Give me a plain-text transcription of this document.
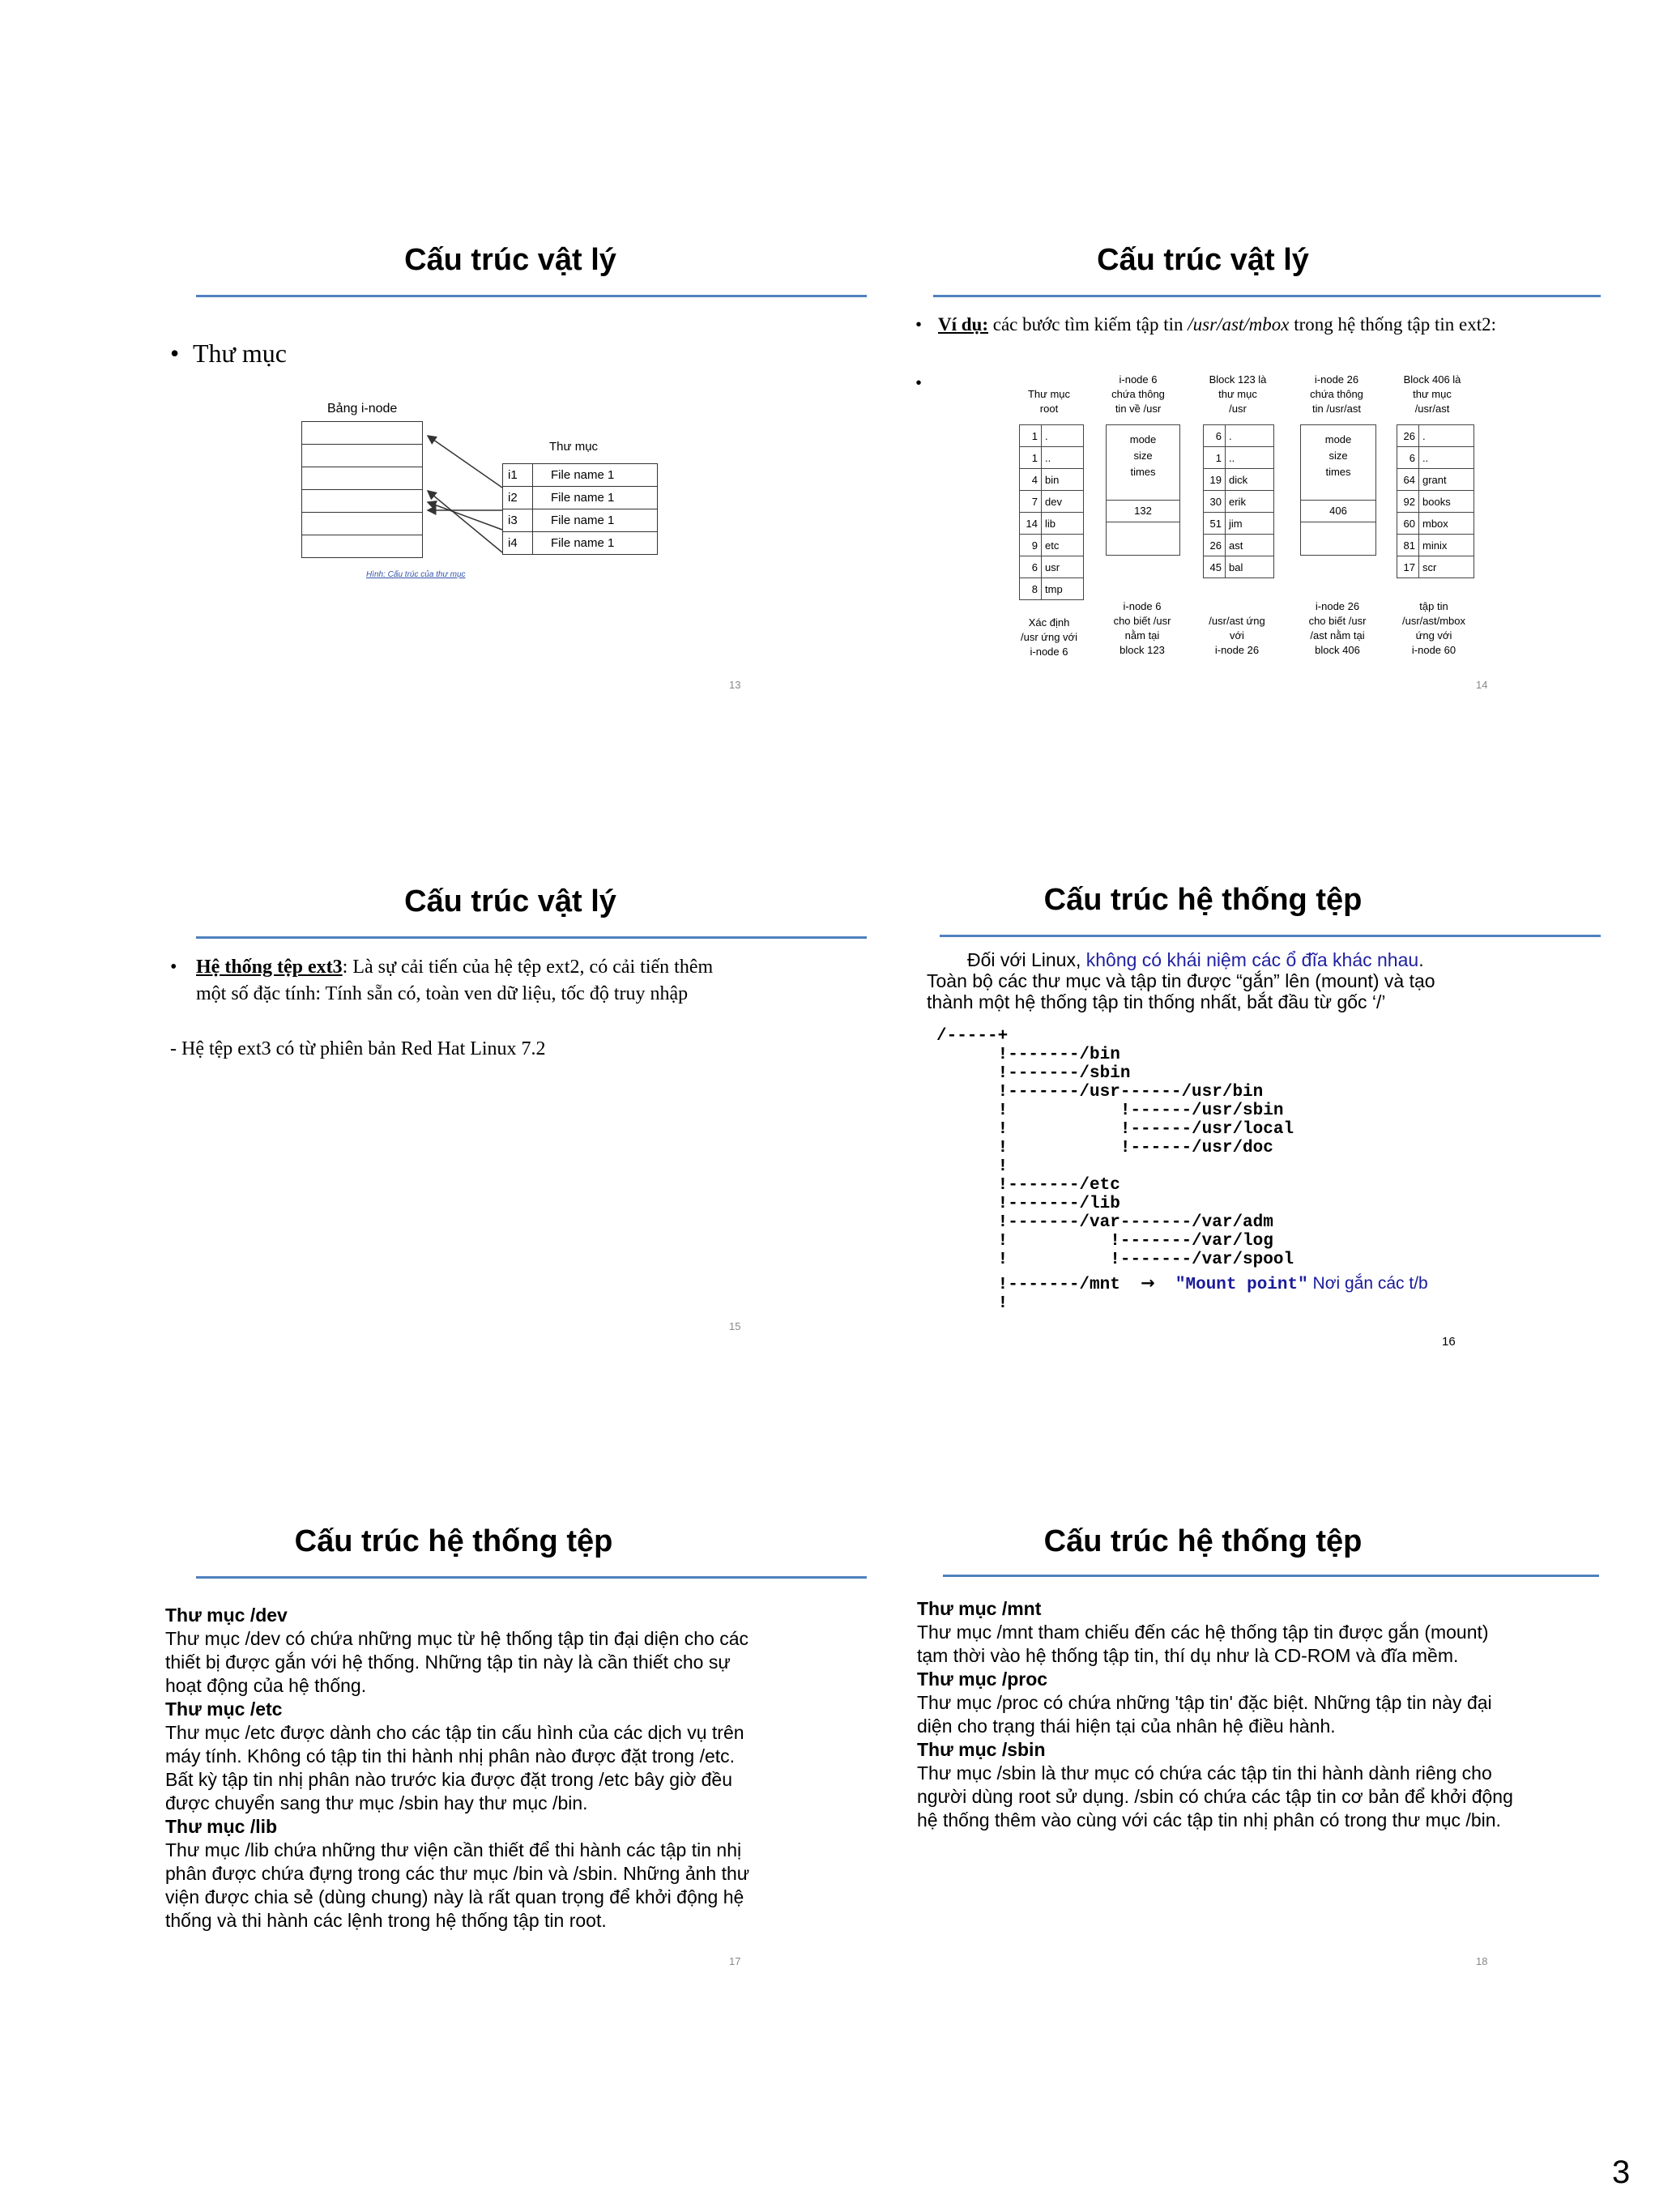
Cấu trúc vật lý
• Thư mục
Bảng i-node

Thư mục
i1	File name 1
i2	File name 1
i3	File name 1
i4	File name 1
Hình: Cấu trúc của thư mục
13
Cấu trúc vật lý
• Ví dụ: các bước tìm kiếm tập tin /usr/ast/mbox trong hệ thống tập tin ext2:
•
Thư mục
root
1	.
1	..
4	bin
7	dev
14	lib
9	etc
6	usr
8	tmp
Xác định
/usr ứng với
i-node 6
i-node 6
chứa thông
tin về /usr
mode
size
times
132
i-node 6
cho biết /usr
nằm tại
block 123
Block 123 là
thư mục
/usr
6	.
1	..
19	dick
30	erik
51	jim
26	ast
45	bal
/usr/ast ứng
với
i-node 26
i-node 26
chứa thông
tin /usr/ast
mode
size
times
406
i-node 26
cho biết /usr
/ast nằm tại
block 406
Block 406 là
thư mục
/usr/ast
26	.
6	..
64	grant
92	books
60	mbox
81	minix
17	scr
tập tin
/usr/ast/mbox
ứng với
i-node 60
14
Cấu trúc vật lý
• Hệ thống tệp ext3: Là sự cải tiến của hệ tệp ext2, có cải tiến thêm một số đặc tính: Tính sẵn có, toàn ven dữ liệu, tốc độ truy nhập
- Hệ tệp ext3 có từ phiên bản Red Hat Linux 7.2
15
Cấu trúc hệ thống tệp
Đối với Linux, không có khái niệm các ổ đĩa khác nhau.
Toàn bộ các thư mục và tập tin được “gắn” lên (mount) và tạo
thành một hệ thống tập tin thống nhất, bắt đầu từ gốc ‘/’
/-----+
!-------/bin
!-------/sbin
!-------/usr------/usr/bin
!           !------/usr/sbin
!           !------/usr/local
!           !------/usr/doc
!
!-------/etc
!-------/lib
!-------/var-------/var/adm
!          !-------/var/log
!          !-------/var/spool
!-------/mnt → "Mount point" Nơi gắn các t/b
!
16
Cấu trúc hệ thống tệp
Thư mục /dev
Thư mục /dev có chứa những mục từ hệ thống tập tin đại diện cho các thiết bị được gắn với hệ thống. Những tập tin này là cần thiết cho sự hoạt động của hệ thống.
Thư mục /etc
Thư mục /etc được dành cho các tập tin cấu hình của các dịch vụ trên máy tính. Không có tập tin thi hành nhị phân nào được đặt trong /etc. Bất kỳ tập tin nhị phân nào trước kia được đặt trong /etc bây giờ đều được chuyển sang thư mục /sbin hay thư mục /bin.
Thư mục /lib
Thư mục /lib chứa những thư viện cần thiết để thi hành các tập tin nhị phân được chứa đựng trong các thư mục /bin và /sbin. Những ảnh thư viện được chia sẻ (dùng chung) này là rất quan trọng để khởi động hệ thống và thi hành các lệnh trong hệ thống tập tin root.
17
Cấu trúc hệ thống tệp
Thư mục /mnt
Thư mục /mnt tham chiếu đến các hệ thống tập tin được gắn (mount) tạm thời vào hệ thống tập tin, thí dụ như là CD-ROM và đĩa mềm.
Thư mục /proc
Thư mục /proc có chứa những 'tập tin' đặc biệt. Những tập tin này đại diện cho trạng thái hiện tại của nhân hệ điều hành.
Thư mục /sbin
Thư mục /sbin là thư mục có chứa các tập tin thi hành dành riêng cho người dùng root sử dụng. /sbin có chứa các tập tin cơ bản để khởi động hệ thống thêm vào cùng với các tập tin nhị phân có trong thư mục /bin.
18
3
